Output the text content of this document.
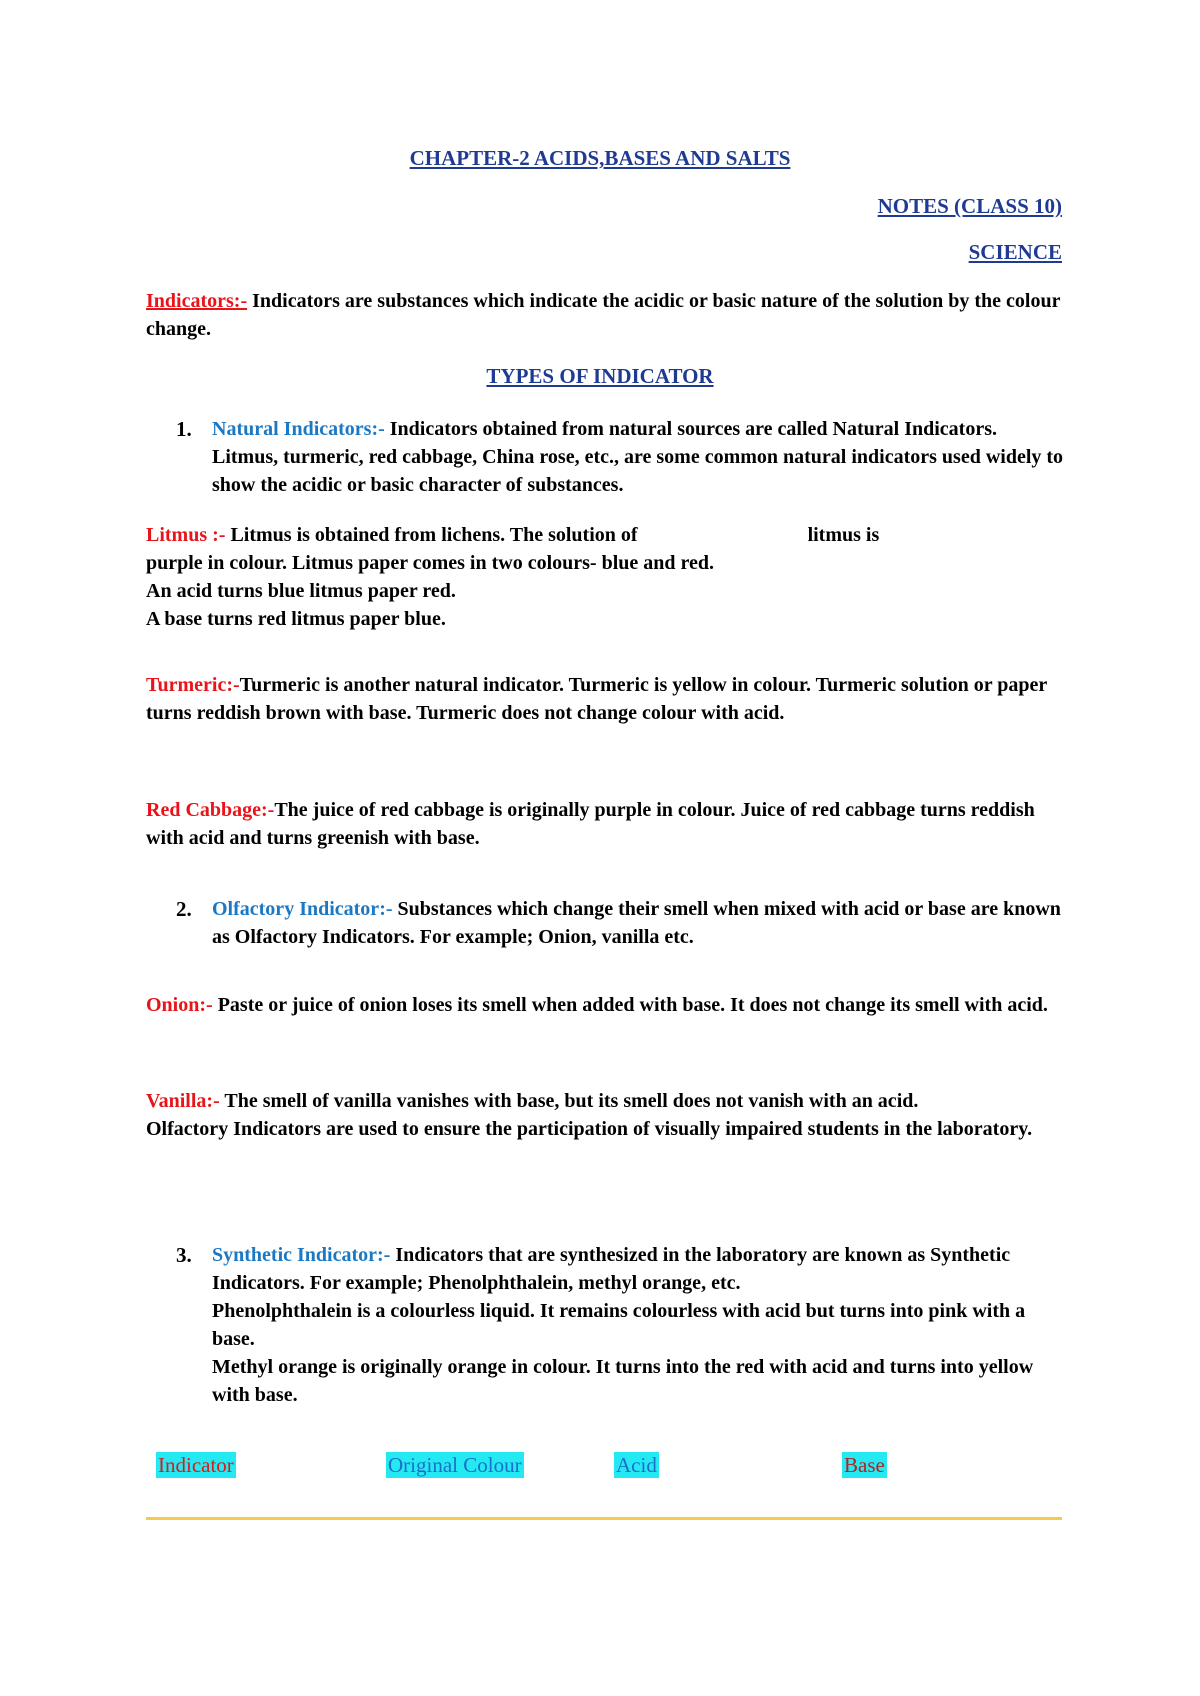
CHAPTER-2 ACIDS,BASES AND SALTS
NOTES (CLASS 10)
SCIENCE
Indicators:- Indicators are substances which indicate the acidic or basic nature of the solution by the colour change.
TYPES OF INDICATOR
1. Natural Indicators:- Indicators obtained from natural sources are called Natural Indicators. Litmus, turmeric, red cabbage, China rose, etc., are some common natural indicators used widely to show the acidic or basic character of substances.
Litmus :- Litmus is obtained from lichens. The solution of	litmus is
purple in colour. Litmus paper comes in two colours- blue and red.
An acid turns blue litmus paper red.
A base turns red litmus paper blue.
Turmeric:-Turmeric is another natural indicator. Turmeric is yellow in colour. Turmeric solution or paper turns reddish brown with base. Turmeric does not change colour with acid.
Red Cabbage:-The juice of red cabbage is originally purple in colour. Juice of red cabbage turns reddish with acid and turns greenish with base.
2. Olfactory Indicator:- Substances which change their smell when mixed with acid or base are known as Olfactory Indicators. For example; Onion, vanilla etc.
Onion:- Paste or juice of onion loses its smell when added with base. It does not change its smell with acid.
Vanilla:- The smell of vanilla vanishes with base, but its smell does not vanish with an acid.
Olfactory Indicators are used to ensure the participation of visually impaired students in the laboratory.
3. Synthetic Indicator:- Indicators that are synthesized in the laboratory are known as Synthetic Indicators. For example; Phenolphthalein, methyl orange, etc.
Phenolphthalein is a colourless liquid. It remains colourless with acid but turns into pink with a base.
Methyl orange is originally orange in colour. It turns into the red with acid and turns into yellow with base.
Indicator	Original Colour	Acid	Base
